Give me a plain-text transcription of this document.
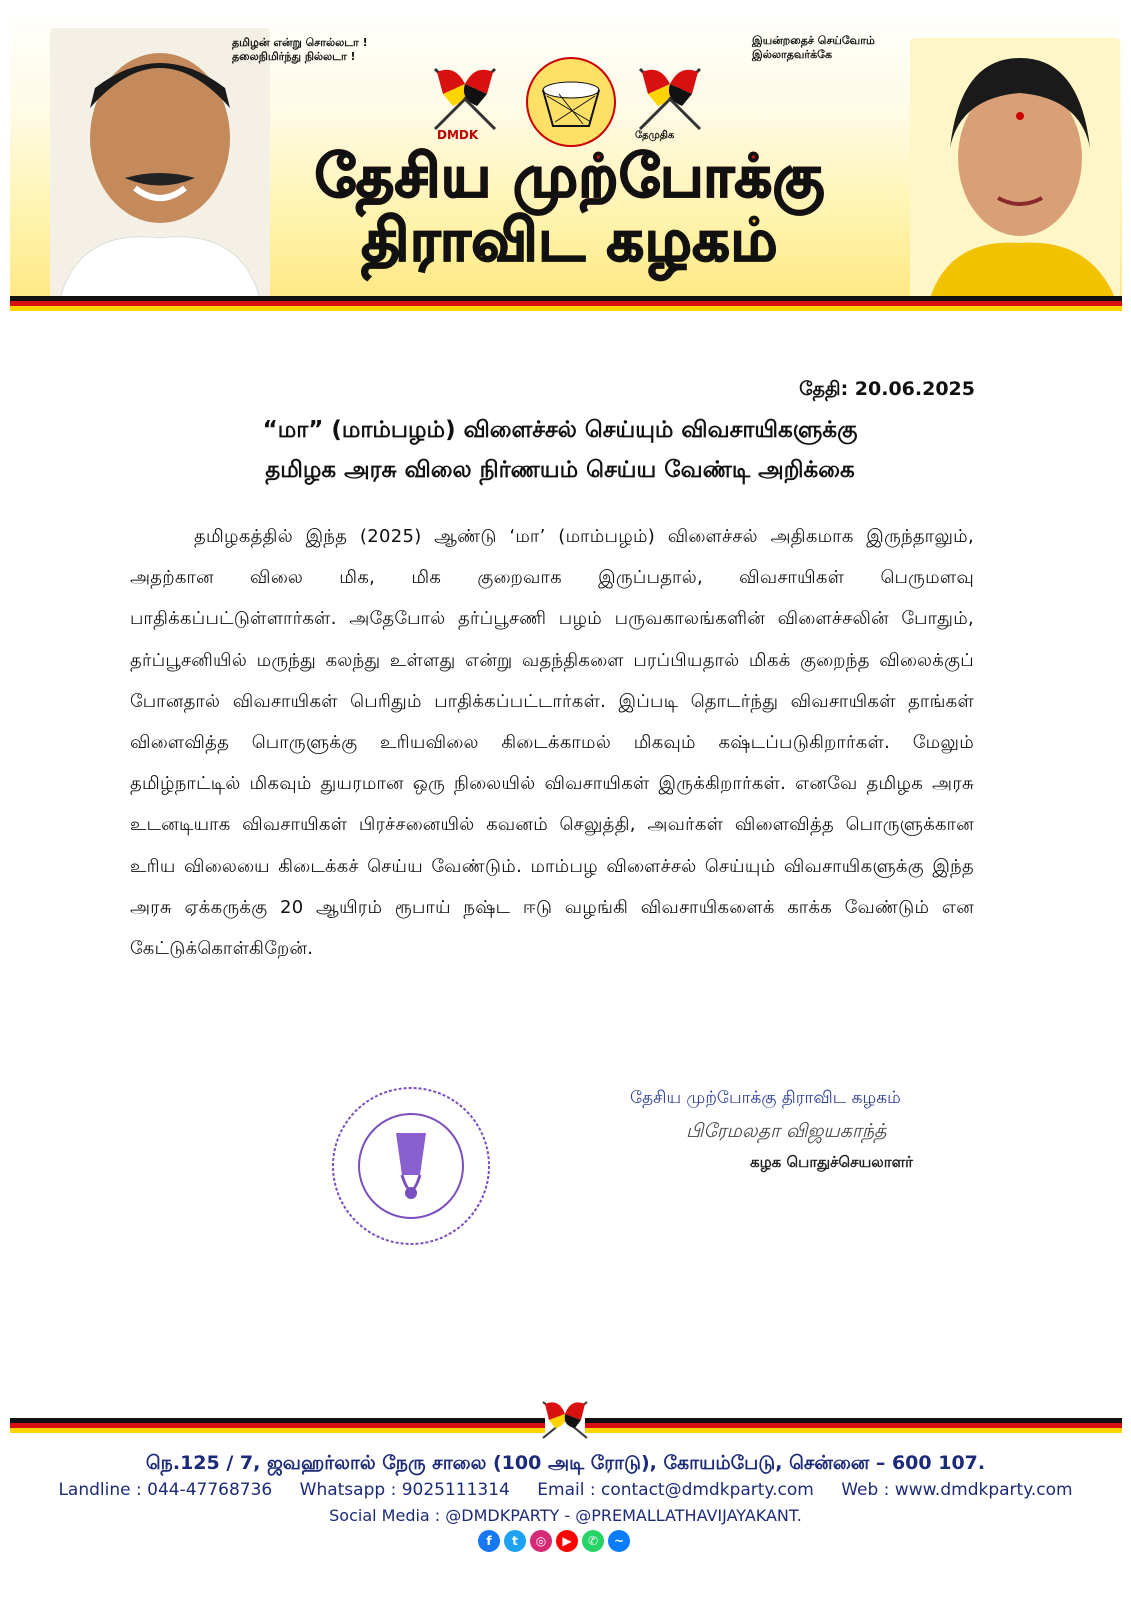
தமிழன் என்று சொல்லடா !
தலைநிமிர்ந்து நில்லடா !
இயன்றதைச் செய்வோம்
இல்லாதவர்க்கே
DMDK	தேமுதிக
தேசிய முற்போக்கு திராவிட கழகம்
தேதி: 20.06.2025
“மா” (மாம்பழம்) விளைச்சல் செய்யும் விவசாயிகளுக்கு
தமிழக அரசு விலை நிர்ணயம் செய்ய வேண்டி அறிக்கை
தமிழகத்தில் இந்த (2025) ஆண்டு ‘மா’ (மாம்பழம்) விளைச்சல் அதிகமாக இருந்தாலும், அதற்கான விலை மிக, மிக குறைவாக இருப்பதால், விவசாயிகள் பெருமளவு பாதிக்கப்பட்டுள்ளார்கள். அதேபோல் தர்ப்பூசணி பழம் பருவகாலங்களின் விளைச்சலின் போதும், தர்ப்பூசனியில் மருந்து கலந்து உள்ளது என்று வதந்திகளை பரப்பியதால் மிகக் குறைந்த விலைக்குப் போனதால் விவசாயிகள் பெரிதும் பாதிக்கப்பட்டார்கள். இப்படி தொடர்ந்து விவசாயிகள் தாங்கள் விளைவித்த பொருளுக்கு உரியவிலை கிடைக்காமல் மிகவும் கஷ்டப்படுகிறார்கள். மேலும் தமிழ்நாட்டில் மிகவும் துயரமான ஒரு நிலையில் விவசாயிகள் இருக்கிறார்கள். எனவே தமிழக அரசு உடனடியாக விவசாயிகள் பிரச்சனையில் கவனம் செலுத்தி, அவர்கள் விளைவித்த பொருளுக்கான உரிய விலையை கிடைக்கச் செய்ய வேண்டும். மாம்பழ விளைச்சல் செய்யும் விவசாயிகளுக்கு இந்த அரசு ஏக்கருக்கு 20 ஆயிரம் ரூபாய் நஷ்ட ஈடு வழங்கி விவசாயிகளைக் காக்க வேண்டும் என கேட்டுக்கொள்கிறேன்.
தேசிய முற்போக்கு திராவிட கழகம்
பிரேமலதா விஜயகாந்த்
கழக பொதுச்செயலாளர்
நெ.125 / 7, ஜவஹர்லால் நேரு சாலை (100 அடி ரோடு), கோயம்பேடு, சென்னை – 600 107.
Landline : 044-47768736 Whatsapp : 9025111314 Email : contact@dmdkparty.com Web : www.dmdkparty.com
Social Media : @DMDKPARTY - @PREMALLATHAVIJAYAKANT.
f	t	◎	▶	✆	~
